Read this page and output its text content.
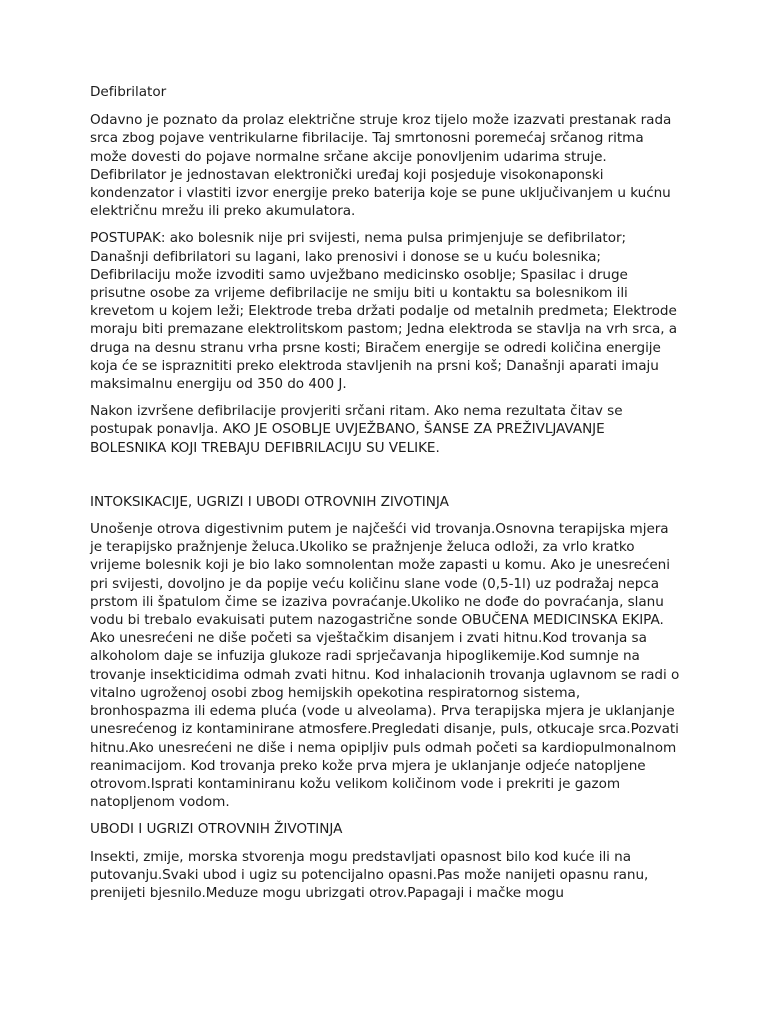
Defibrilator

Odavno je poznato da prolaz električne struje kroz tijelo može izazvati prestanak rada srca zbog pojave ventrikularne fibrilacije. Taj smrtonosni poremećaj srčanog ritma može dovesti do pojave normalne srčane akcije ponovljenim udarima struje. Defibrilator je jednostavan elektronički uređaj koji posjeduje visokonaponski kondenzator i vlastiti izvor energije preko baterija koje se pune uključivanjem u kućnu električnu mrežu ili preko akumulatora.

POSTUPAK: ako bolesnik nije pri svijesti, nema pulsa primjenjuje se defibrilator; Današnji defibrilatori su lagani, lako prenosivi i donose se u kuću bolesnika; Defibrilaciju može izvoditi samo uvježbano medicinsko osoblje; Spasilac i druge prisutne osobe za vrijeme defibrilacije ne smiju biti u kontaktu sa bolesnikom ili krevetom u kojem leži; Elektrode treba držati podalje od metalnih predmeta; Elektrode moraju biti premazane elektrolitskom pastom; Jedna elektroda se stavlja na vrh srca, a druga na desnu stranu vrha prsne kosti; Biračem energije se odredi količina energije koja će se ispraznititi preko elektroda stavljenih na prsni koš; Današnji aparati imaju maksimalnu energiju od 350 do 400 J.

Nakon izvršene defibrilacije provjeriti srčani ritam. Ako nema rezultata čitav se postupak ponavlja. AKO JE OSOBLJE UVJEŽBANO, ŠANSE ZA PREŽIVLJAVANJE BOLESNIKA KOJI TREBAJU DEFIBRILACIJU SU VELIKE.

INTOKSIKACIJE, UGRIZI I UBODI OTROVNIH ZIVOTINJA

Unošenje otrova digestivnim putem je najčešći vid trovanja.Osnovna terapijska mjera je terapijsko pražnjenje želuca.Ukoliko se pražnjenje želuca odloži, za vrlo kratko vrijeme bolesnik koji je bio lako somnolentan može zapasti u komu. Ako je unesrećeni pri svijesti, dovoljno je da popije veću količinu slane vode (0,5-1l) uz podražaj nepca prstom ili špatulom čime se izaziva povraćanje.Ukoliko ne dođe do povraćanja, slanu vodu bi trebalo evakuisati putem nazogastrične sonde OBUČENA MEDICINSKA EKIPA. Ako unesrećeni ne diše početi sa vještačkim disanjem i zvati hitnu.Kod trovanja sa alkoholom daje se infuzija glukoze radi sprječavanja hipoglikemije.Kod sumnje na trovanje insekticidima odmah zvati hitnu. Kod inhalacionih trovanja uglavnom se radi o vitalno ugroženoj osobi zbog hemijskih opekotina respiratornog sistema, bronhospazma ili edema pluća (vode u alveolama). Prva terapijska mjera je uklanjanje unesrećenog iz kontaminirane atmosfere.Pregledati disanje, puls, otkucaje srca.Pozvati hitnu.Ako unesrećeni ne diše i nema opipljiv puls odmah početi sa kardiopulmonalnom reanimacijom. Kod trovanja preko kože prva mjera je uklanjanje odjeće natopljene otrovom.Isprati kontaminiranu kožu velikom količinom vode i prekriti je gazom natopljenom vodom.

UBODI I UGRIZI OTROVNIH ŽIVOTINJA

Insekti, zmije, morska stvorenja mogu predstavljati opasnost bilo kod kuće ili na putovanju.Svaki ubod i ugiz su potencijalno opasni.Pas može nanijeti opasnu ranu, prenijeti bjesnilo.Meduze mogu ubrizgati otrov.Papagaji i mačke mogu
